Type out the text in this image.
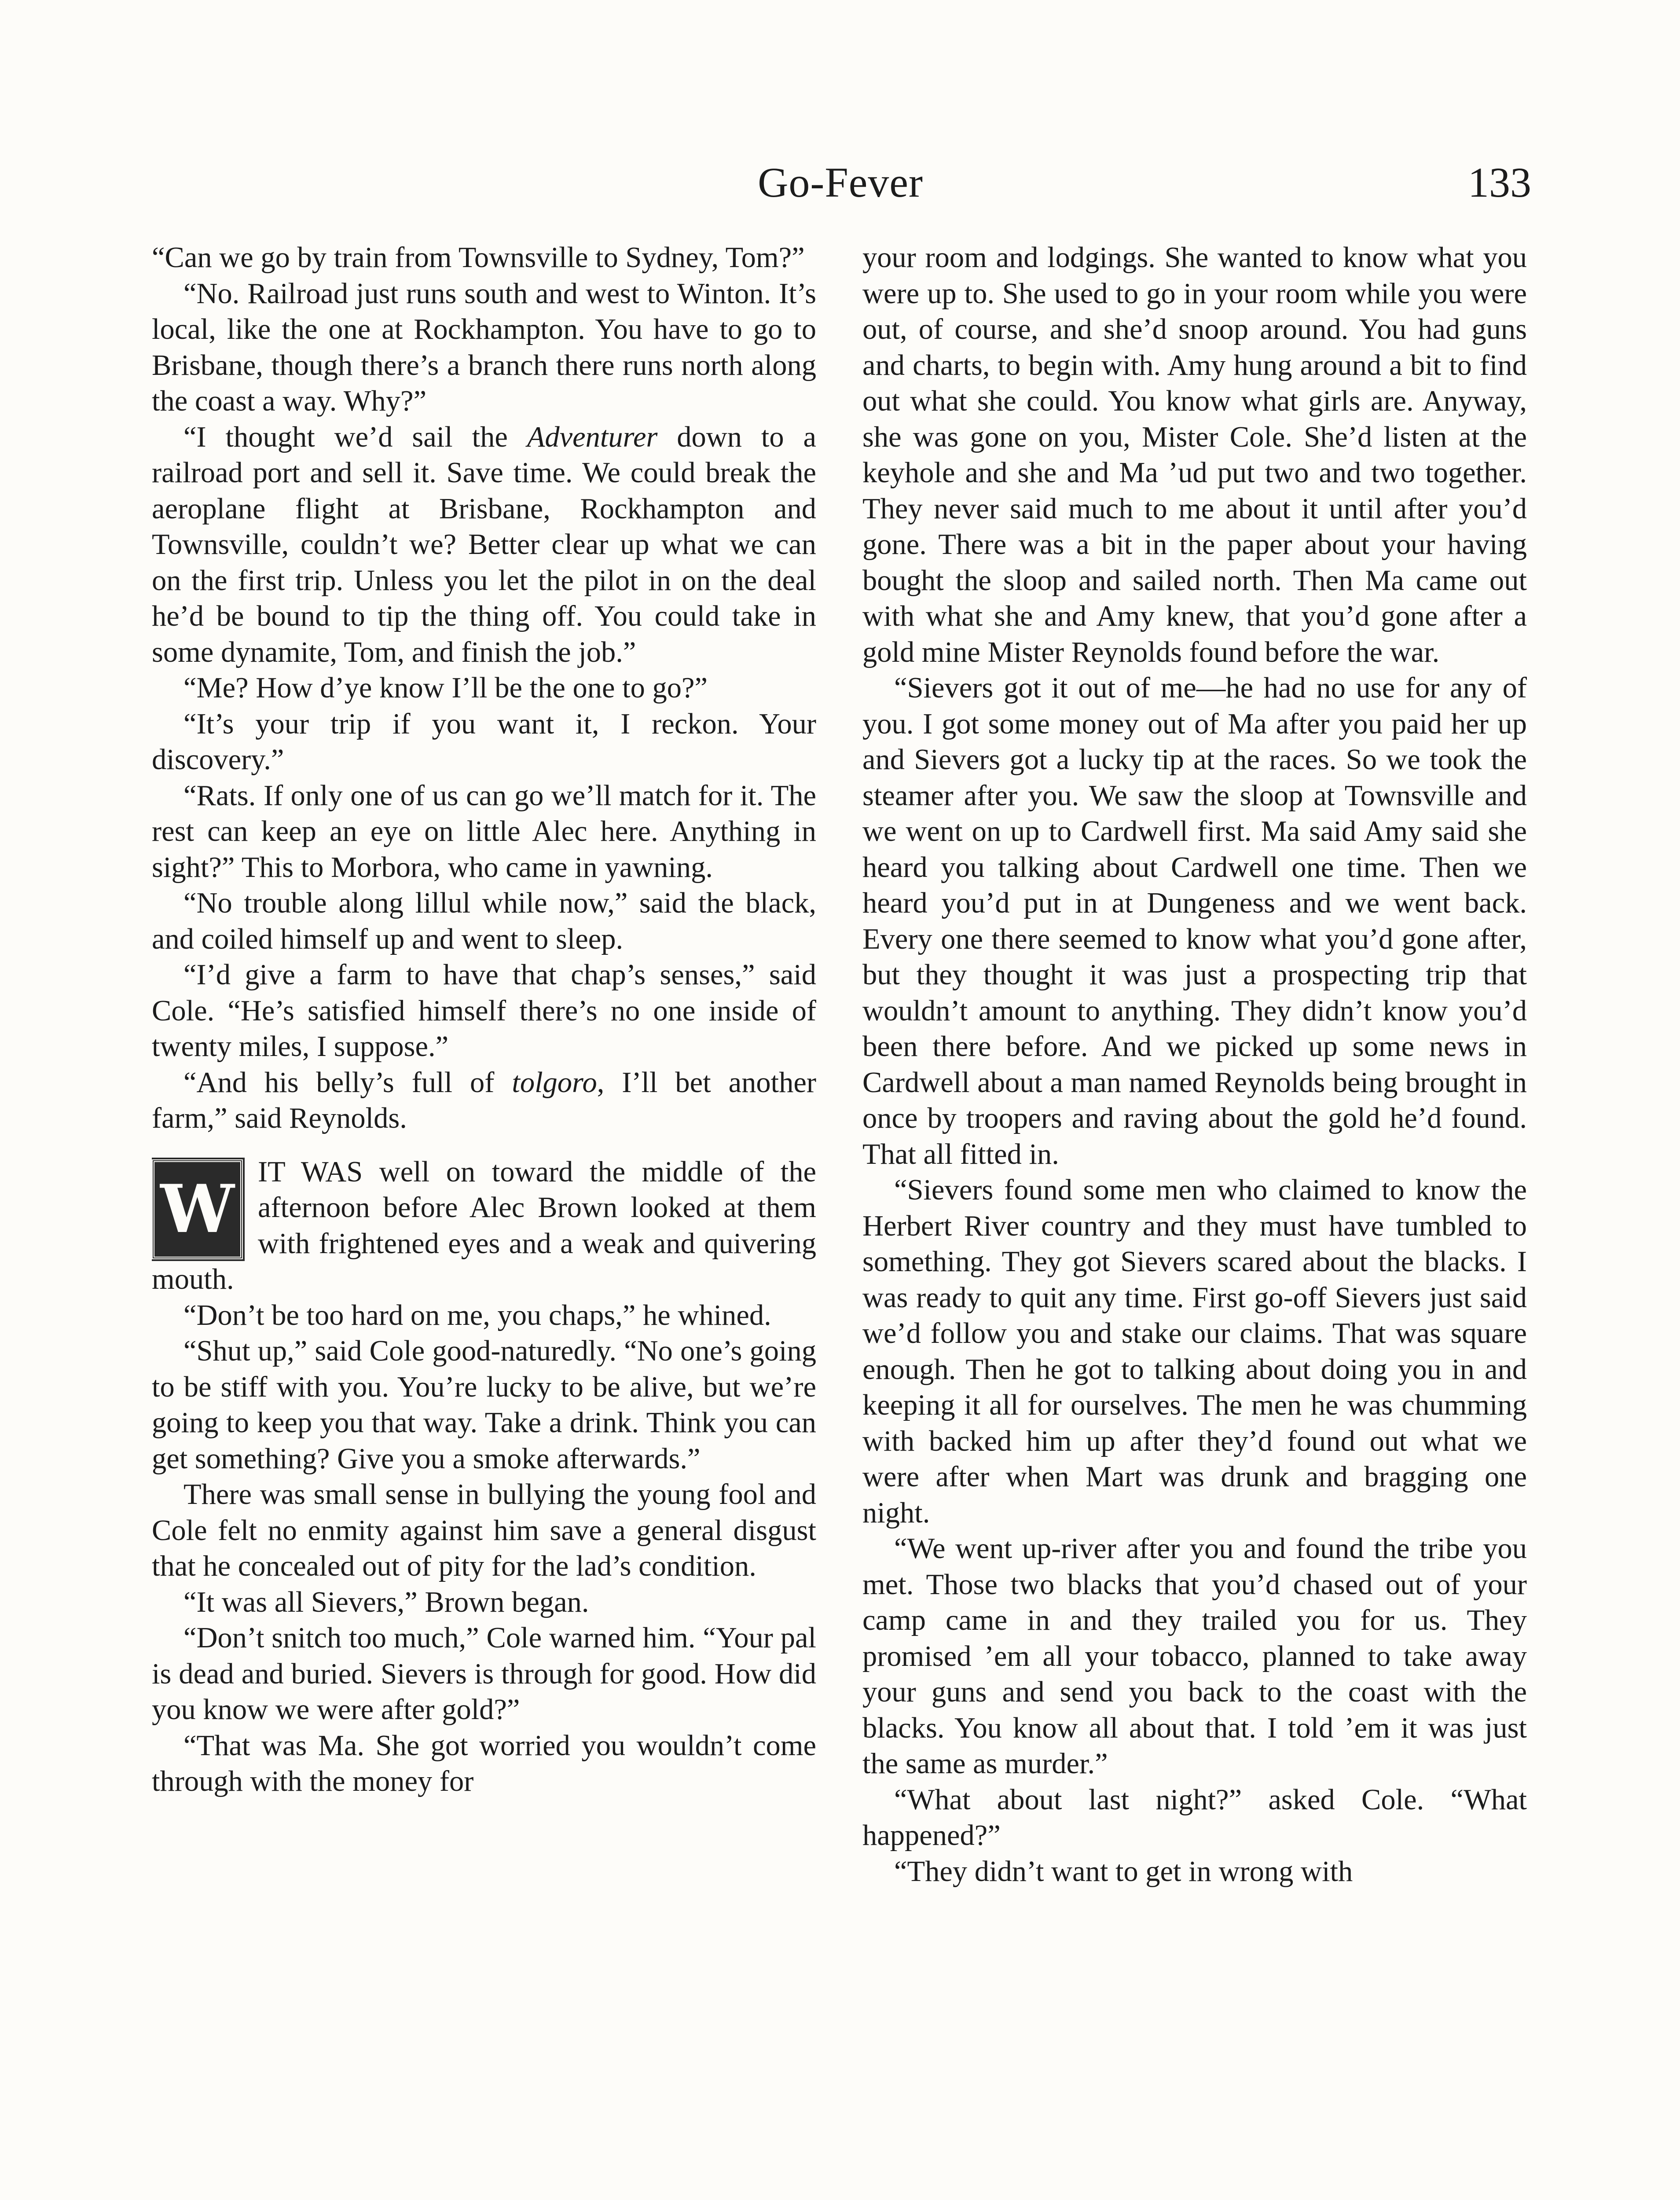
Go-Fever	133

“Can we go by train from Townsville to Sydney, Tom?”

“No. Railroad just runs south and west to Winton. It’s local, like the one at Rockhampton. You have to go to Brisbane, though there’s a branch there runs north along the coast a way. Why?”

“I thought we’d sail the Adventurer down to a railroad port and sell it. Save time. We could break the aeroplane flight at Brisbane, Rockhampton and Townsville, couldn’t we? Better clear up what we can on the first trip. Unless you let the pilot in on the deal he’d be bound to tip the thing off. You could take in some dynamite, Tom, and finish the job.”

“Me? How d’ye know I’ll be the one to go?”

“It’s your trip if you want it, I reckon. Your discovery.”

“Rats. If only one of us can go we’ll match for it. The rest can keep an eye on little Alec here. Anything in sight?” This to Morbora, who came in yawning.

“No trouble along lillul while now,” said the black, and coiled himself up and went to sleep.

“I’d give a farm to have that chap’s senses,” said Cole. “He’s satisfied himself there’s no one inside of twenty miles, I suppose.”

“And his belly’s full of tolgoro, I’ll bet another farm,” said Reynolds.

W IT WAS well on toward the middle of the afternoon before Alec Brown looked at them with frightened eyes and a weak and quivering mouth.

“Don’t be too hard on me, you chaps,” he whined.

“Shut up,” said Cole good-naturedly. “No one’s going to be stiff with you. You’re lucky to be alive, but we’re going to keep you that way. Take a drink. Think you can get something? Give you a smoke afterwards.”

There was small sense in bullying the young fool and Cole felt no enmity against him save a general disgust that he concealed out of pity for the lad’s condition.

“It was all Sievers,” Brown began.

“Don’t snitch too much,” Cole warned him. “Your pal is dead and buried. Sievers is through for good. How did you know we were after gold?”

“That was Ma. She got worried you wouldn’t come through with the money for

your room and lodgings. She wanted to know what you were up to. She used to go in your room while you were out, of course, and she’d snoop around. You had guns and charts, to begin with. Amy hung around a bit to find out what she could. You know what girls are. Anyway, she was gone on you, Mister Cole. She’d listen at the keyhole and she and Ma ’ud put two and two together. They never said much to me about it until after you’d gone. There was a bit in the paper about your having bought the sloop and sailed north. Then Ma came out with what she and Amy knew, that you’d gone after a gold mine Mister Reynolds found before the war.

“Sievers got it out of me—he had no use for any of you. I got some money out of Ma after you paid her up and Sievers got a lucky tip at the races. So we took the steamer after you. We saw the sloop at Townsville and we went on up to Cardwell first. Ma said Amy said she heard you talking about Cardwell one time. Then we heard you’d put in at Dungeness and we went back. Every one there seemed to know what you’d gone after, but they thought it was just a prospecting trip that wouldn’t amount to anything. They didn’t know you’d been there before. And we picked up some news in Cardwell about a man named Reynolds being brought in once by troopers and raving about the gold he’d found. That all fitted in.

“Sievers found some men who claimed to know the Herbert River country and they must have tumbled to something. They got Sievers scared about the blacks. I was ready to quit any time. First go-off Sievers just said we’d follow you and stake our claims. That was square enough. Then he got to talking about doing you in and keeping it all for ourselves. The men he was chumming with backed him up after they’d found out what we were after when Mart was drunk and bragging one night.

“We went up-river after you and found the tribe you met. Those two blacks that you’d chased out of your camp came in and they trailed you for us. They promised ’em all your tobacco, planned to take away your guns and send you back to the coast with the blacks. You know all about that. I told ’em it was just the same as murder.”

“What about last night?” asked Cole. “What happened?”

“They didn’t want to get in wrong with
